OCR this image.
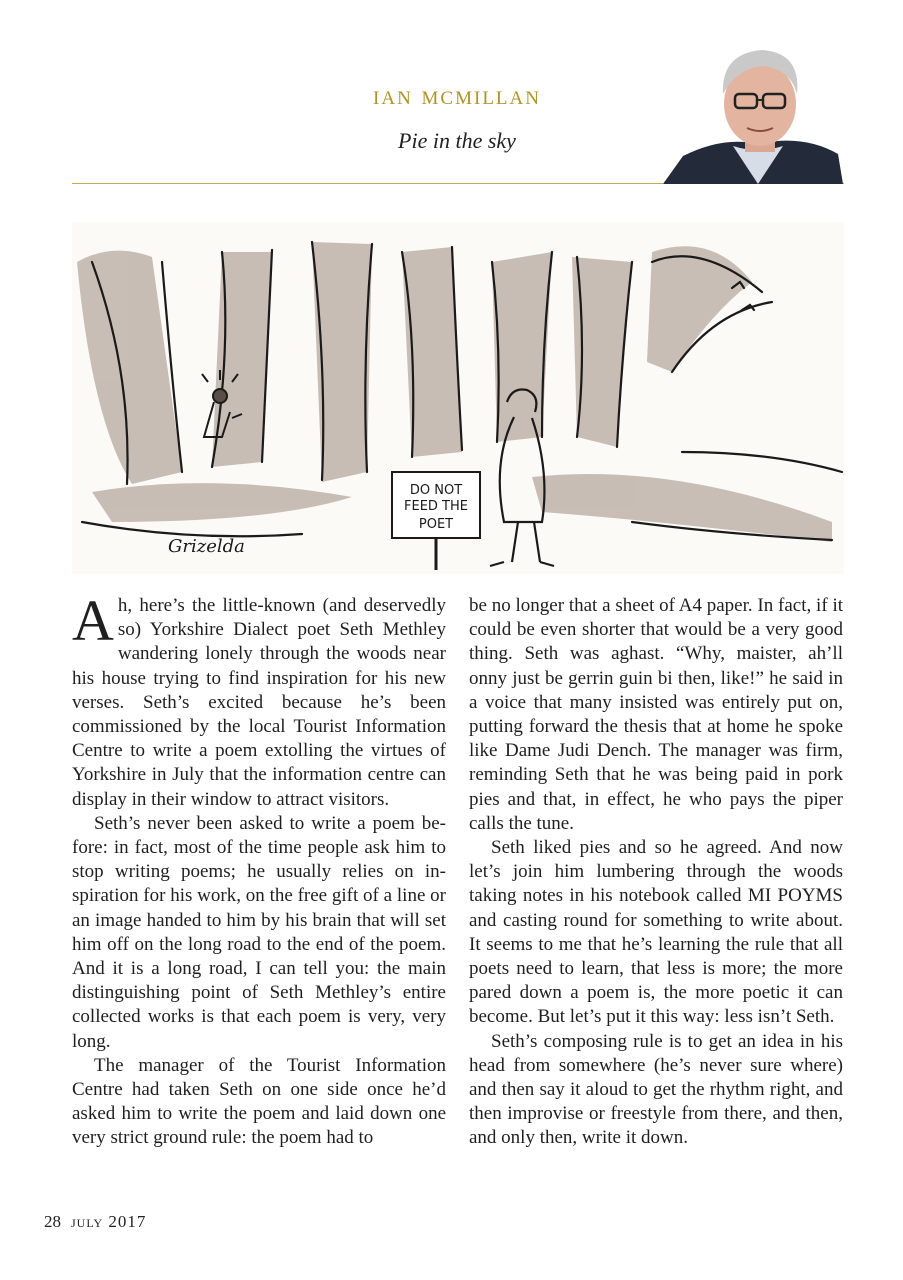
ian mcmillan
Pie in the sky
DO NOT
FEED THE
POET
Grizelda

Ah, here’s the little-known (and deservedly so) Yorkshire Dialect poet Seth Methley wandering lonely through the woods near his house trying to find inspiration for his new verses. Seth’s excited because he’s been commissioned by the local Tourist Information Centre to write a poem extolling the virtues of Yorkshire in July that the information centre can display in their window to attract visitors.

Seth’s never been asked to write a poem before: in fact, most of the time people ask him to stop writing poems; he usually relies on inspiration for his work, on the free gift of a line or an image handed to him by his brain that will set him off on the long road to the end of the poem. And it is a long road, I can tell you: the main distinguishing point of Seth Methley’s entire collected works is that each poem is very, very long.

The manager of the Tourist Information Centre had taken Seth on one side once he’d asked him to write the poem and laid down one very strict ground rule: the poem had to

be no longer that a sheet of A4 paper. In fact, if it could be even shorter that would be a very good thing. Seth was aghast. “Why, maister, ah’ll onny just be gerrin guin bi then, like!” he said in a voice that many insisted was entirely put on, putting forward the thesis that at home he spoke like Dame Judi Dench. The manager was firm, reminding Seth that he was being paid in pork pies and that, in effect, he who pays the piper calls the tune.

Seth liked pies and so he agreed. And now let’s join him lumbering through the woods taking notes in his notebook called MI POYMS and casting round for something to write about. It seems to me that he’s learning the rule that all poets need to learn, that less is more; the more pared down a poem is, the more poetic it can become. But let’s put it this way: less isn’t Seth.

Seth’s composing rule is to get an idea in his head from somewhere (he’s never sure where) and then say it aloud to get the rhythm right, and then improvise or freestyle from there, and then, and only then, write it down.

28 july 2017
